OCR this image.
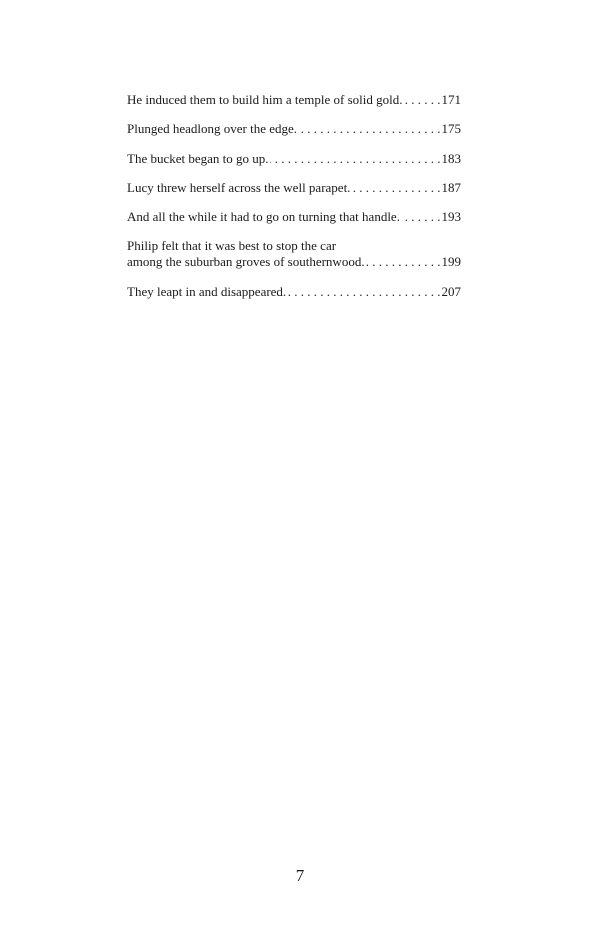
He induced them to build him a temple of solid gold. . . .	171
Plunged headlong over the edge. . . .	175
The bucket began to go up. . . .	183
Lucy threw herself across the well parapet. . . .	187
And all the while it had to go on turning that handle. . . .	193
Philip felt that it was best to stop the car
among the suburban groves of southernwood. . . .	199
They leapt in and disappeared. . . .	207
7
